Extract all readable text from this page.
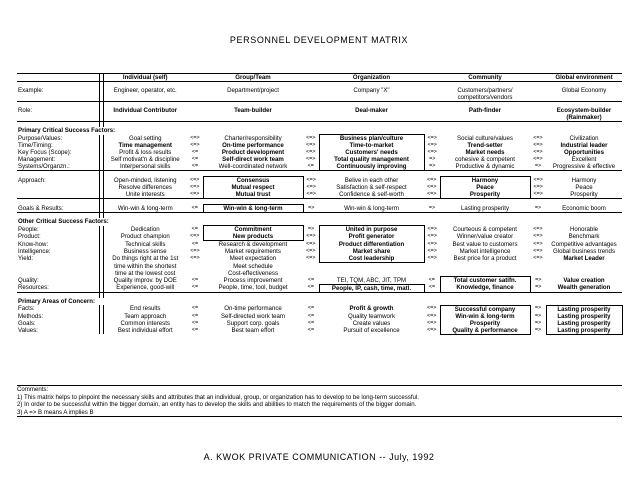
PERSONNEL DEVELOPMENT MATRIX
		Individual (self)		Group/Team		Organization		Community		Global environment

Example:		Engineer, operator, etc.		Department/project		Company "X"		Customers/partners/		Global Economy
								competitors/vendors		

Role:		Individual Contributor		Team-builder		Deal-maker		Path-finder		Ecosystem-builder
										(Rainmaker)

Primary Critical Success Factors:										
Purpose/Values:		Goal setting	<=>	Charter/responsibility	<=>	Business plan/culture	<=>	Social culture/values	<=>	Civilization
Time/Timing:		Time management	<=>	On-time performance	<=>	Time-to-market	<=>	Trend-setter	<=>	Industrial leader
Key Focus (Scope):		Profit & loss results	<=	Product development	<=>	Customers' needs	<=>	Market needs	<=>	Opportunities
Management:		Self motivat'n & discipline	<=	Self-direct work team	<=>	Total quality management	=>	cohesive & competent	<=>	Excellent
Systems/Organzn.:		Interpersonal skills	<=	Well-coordinated network	<=	Continuously improving	=>	Productive & dynamic	=>	Progressive & effective

Approach:		Open-minded, listening	<=>	Consensus	<=>	Belive in each other	<=>	Harmony	<=>	Harmony
		Resolve differences	<=>	Mutual respect	<=>	Satisfaction & self-respect	<=>	Peace	<=>	Peace
		Unite interests	<=>	Mutual trust	<=>	Confidence & self-worth	<=>	Prosperity	<=>	Prosperity

Goals & Results:		Win-win & long-term	<=	Win-win & long-term	=>	Win-win & long-term	=>	Lasting prosperity	=>	Economic boom

Other Critical Success Factors:										
People:		Dedication	<=	Commitment	=>	United in purpose	<=>	Courteous & competent	<=>	Honorable
Product:		Product champion	<=>	New products	<=>	Profit generator	<=>	Winner/value creator	<=>	Benchmark
Know-how:		Technical skills	<=	Research & development	<=>	Product differentiation	<=>	Best value to customers	<=>	Competitive advantages
Intelligence:		Business sense	<=>	Market requirements	<=>	Market share	<=>	Market intelligence	<=>	Global business trends
Yield:		Do things right at the 1st	<=>	Meet expectation	<=>	Cost leadership	<=>	Best price for a product	<=>	Market Leader
		time within the shortest		Meet schedule						
		time at the lowest cost		Cost-effectiveness						
Quality:		Quality improv. by DOE	<=	Process improvement	<=	TEI, TQM, ABC, JIT, TPM	<=	Total customer satifn.	=>	Value creation
Resources:		Experience, good-will	<=	People, time, tool, budget	<=	People, IP, cash, time, matl.	<=	Knowledge, finance	=>	Wealth generation

Primary Areas of Concern:										
Facts:		End results	<=	On-time performance	<=	Profit & growth	<=>	Successful company	=>	Lasting prosperity
Methods:		Team approach	<=	Self-directed work team	<=	Quality teamwork	<=>	Win-win & long-term	=>	Lasting prosperity
Goals:		Common interests	<=	Support corp. goals	<=	Create values	<=>	Prosperity	=>	Lasting prosperity
Values:		Best individual effort	<=	Best team effort	<=	Pursuit of excellence	<=>	Quality & performance	=>	Lasting prosperity
Comments:
1) This matrix helps to pinpoint the necessary skills and attributes that an individual, group, or organization has to develop to be long-term successful.
2) In order to be successful within the bigger domain, an entity has to develop the skills and abilities to match the requirements of the bigger domain.
3) A => B means A implies B
A. KWOK PRIVATE COMMUNICATION -- July, 1992
